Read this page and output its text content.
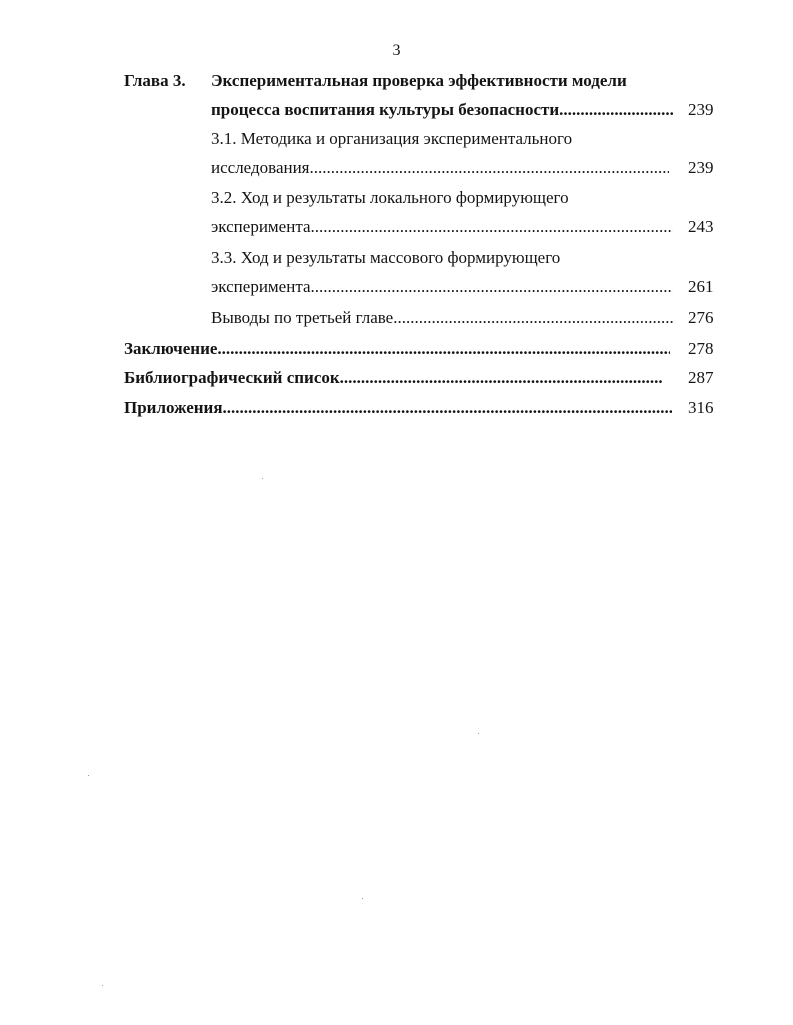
3
Глава 3. Экспериментальная проверка эффективности модели
процесса воспитания культуры безопасности .....	239
3.1. Методика и организация экспериментального
исследования .....	239
3.2. Ход и результаты локального формирующего
эксперимента .....	243
3.3. Ход и результаты массового формирующего
эксперимента .....	261
Выводы по третьей главе .....	276
Заключение .....	278
Библиографический список .....	287
Приложения .....	316
